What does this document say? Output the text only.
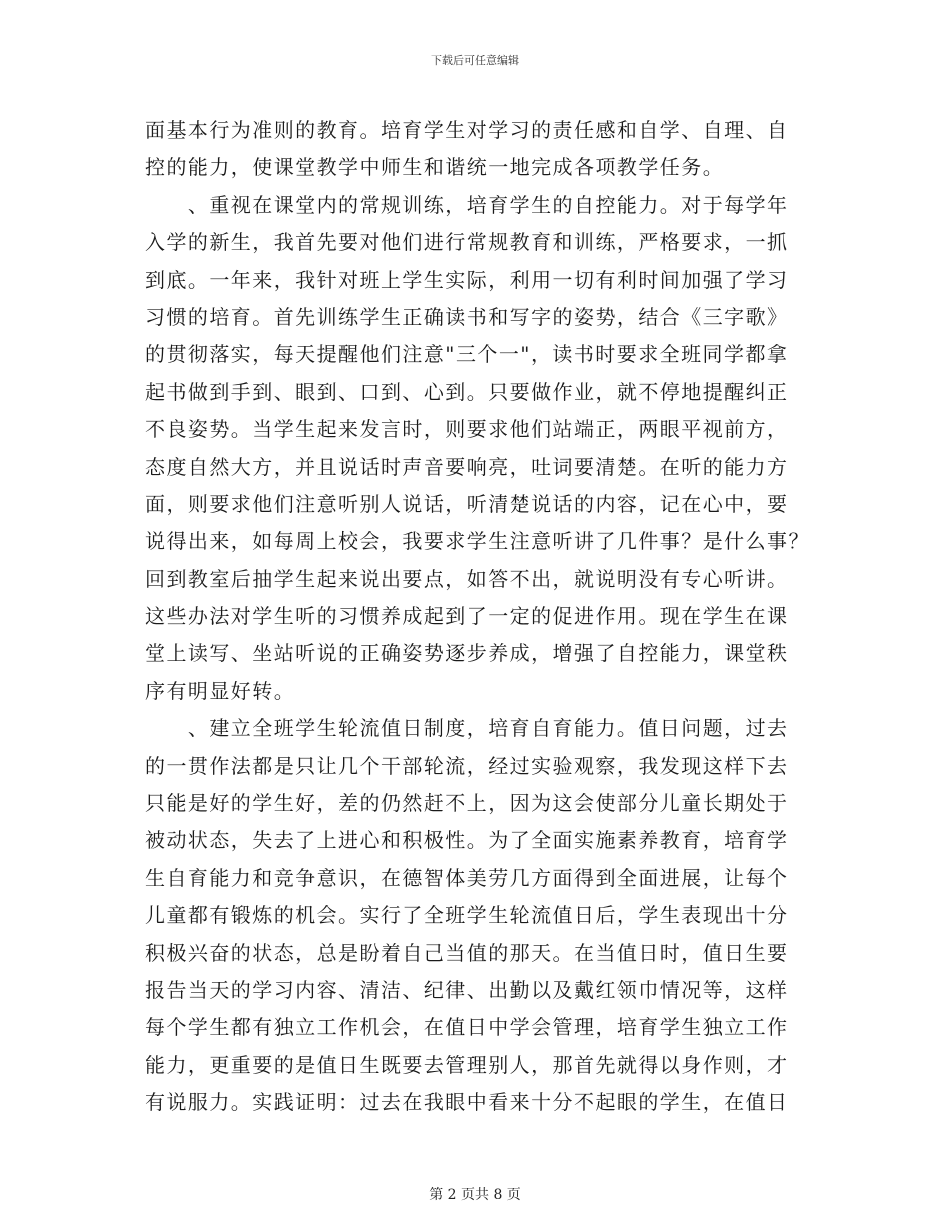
下载后可任意编辑
面基本行为准则的教育。培育学生对学习的责任感和自学、自理、自
控的能力，使课堂教学中师生和谐统一地完成各项教学任务。
　　、重视在课堂内的常规训练，培育学生的自控能力。对于每学年
入学的新生，我首先要对他们进行常规教育和训练，严格要求，一抓
到底。一年来，我针对班上学生实际，利用一切有利时间加强了学习
习惯的培育。首先训练学生正确读书和写字的姿势，结合《三字歌》
的贯彻落实，每天提醒他们注意"三个一"，读书时要求全班同学都拿
起书做到手到、眼到、口到、心到。只要做作业，就不停地提醒纠正
不良姿势。当学生起来发言时，则要求他们站端正，两眼平视前方，
态度自然大方，并且说话时声音要响亮，吐词要清楚。在听的能力方
面，则要求他们注意听别人说话，听清楚说话的内容，记在心中，要
说得出来，如每周上校会，我要求学生注意听讲了几件事？是什么事？
回到教室后抽学生起来说出要点，如答不出，就说明没有专心听讲。
这些办法对学生听的习惯养成起到了一定的促进作用。现在学生在课
堂上读写、坐站听说的正确姿势逐步养成，增强了自控能力，课堂秩
序有明显好转。
　　、建立全班学生轮流值日制度，培育自育能力。值日问题，过去
的一贯作法都是只让几个干部轮流，经过实验观察，我发现这样下去
只能是好的学生好，差的仍然赶不上，因为这会使部分儿童长期处于
被动状态，失去了上进心和积极性。为了全面实施素养教育，培育学
生自育能力和竞争意识，在德智体美劳几方面得到全面进展，让每个
儿童都有锻炼的机会。实行了全班学生轮流值日后，学生表现出十分
积极兴奋的状态，总是盼着自己当值的那天。在当值日时，值日生要
报告当天的学习内容、清洁、纪律、出勤以及戴红领巾情况等，这样
每个学生都有独立工作机会，在值日中学会管理，培育学生独立工作
能力，更重要的是值日生既要去管理别人，那首先就得以身作则，才
有说服力。实践证明：过去在我眼中看来十分不起眼的学生，在值日
第 2 页共 8 页
